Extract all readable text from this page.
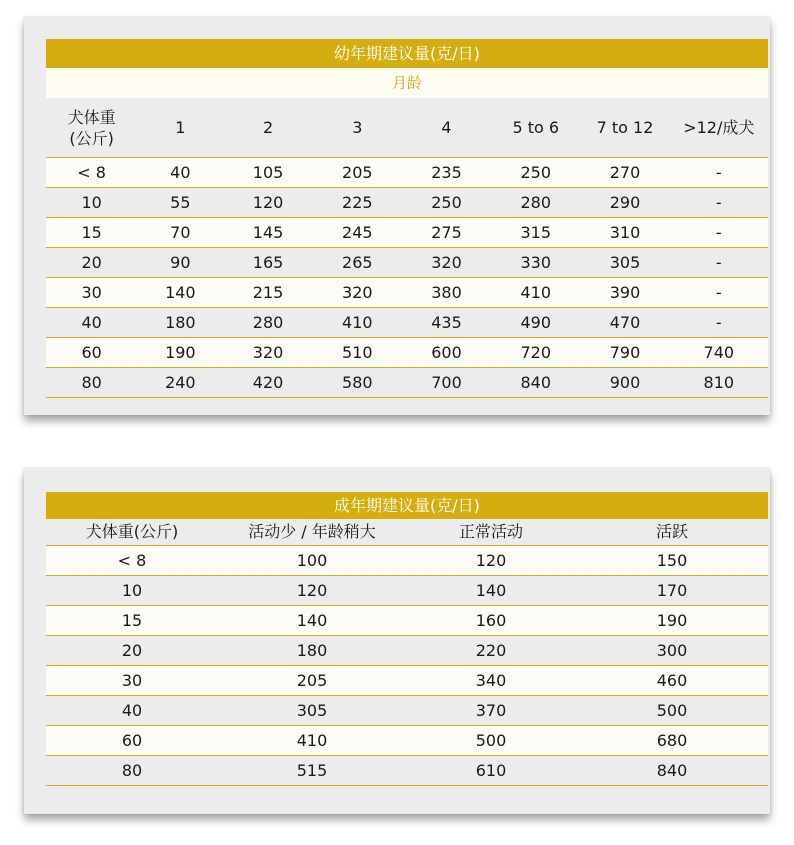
幼年期建议量(克/日)
月龄
犬体重
(公斤)	1	2	3	4	5 to 6	7 to 12	>12/成犬
< 8	40	105	205	235	250	270	-
10	55	120	225	250	280	290	-
15	70	145	245	275	315	310	-
20	90	165	265	320	330	305	-
30	140	215	320	380	410	390	-
40	180	280	410	435	490	470	-
60	190	320	510	600	720	790	740
80	240	420	580	700	840	900	810
成年期建议量(克/日)
犬体重(公斤)	活动少 / 年龄稍大	正常活动	活跃
< 8	100	120	150
10	120	140	170
15	140	160	190
20	180	220	300
30	205	340	460
40	305	370	500
60	410	500	680
80	515	610	840
